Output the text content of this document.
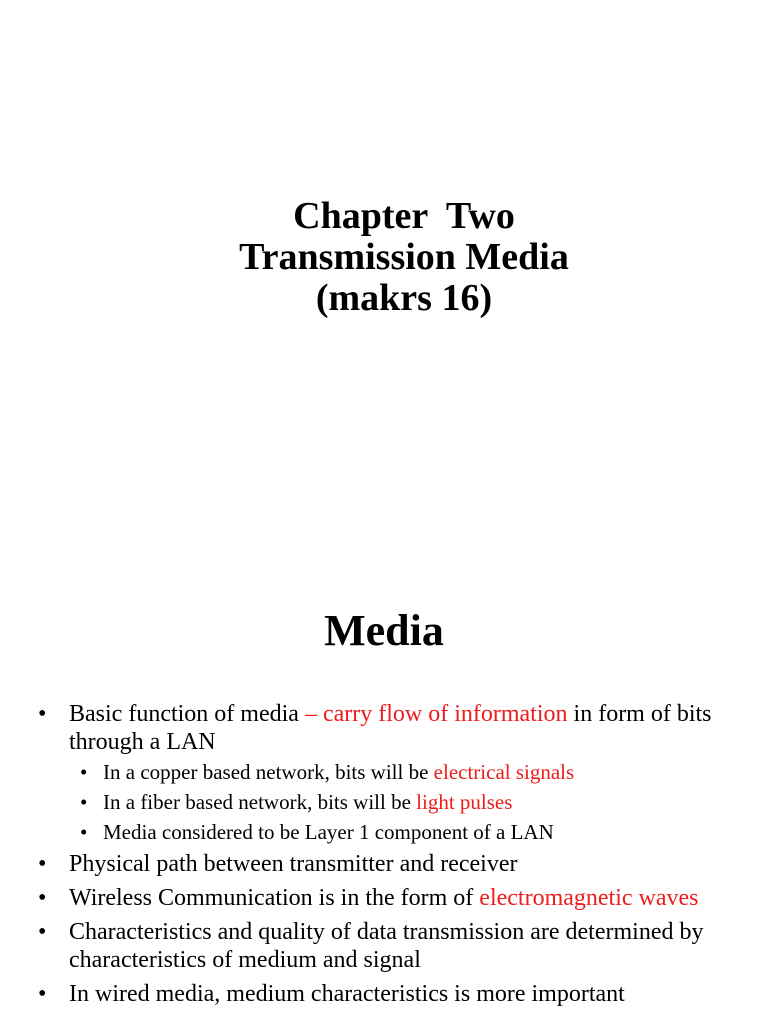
Chapter  Two
Transmission Media
(makrs 16)
Media
• Basic function of media – carry flow of information in form of bits through a LAN
• In a copper based network, bits will be electrical signals
• In a fiber based network, bits will be light pulses
• Media considered to be Layer 1 component of a LAN
• Physical path between transmitter and receiver
• Wireless Communication is in the form of electromagnetic waves
• Characteristics and quality of data transmission are determined by characteristics of medium and signal
• In wired media, medium characteristics is more important
